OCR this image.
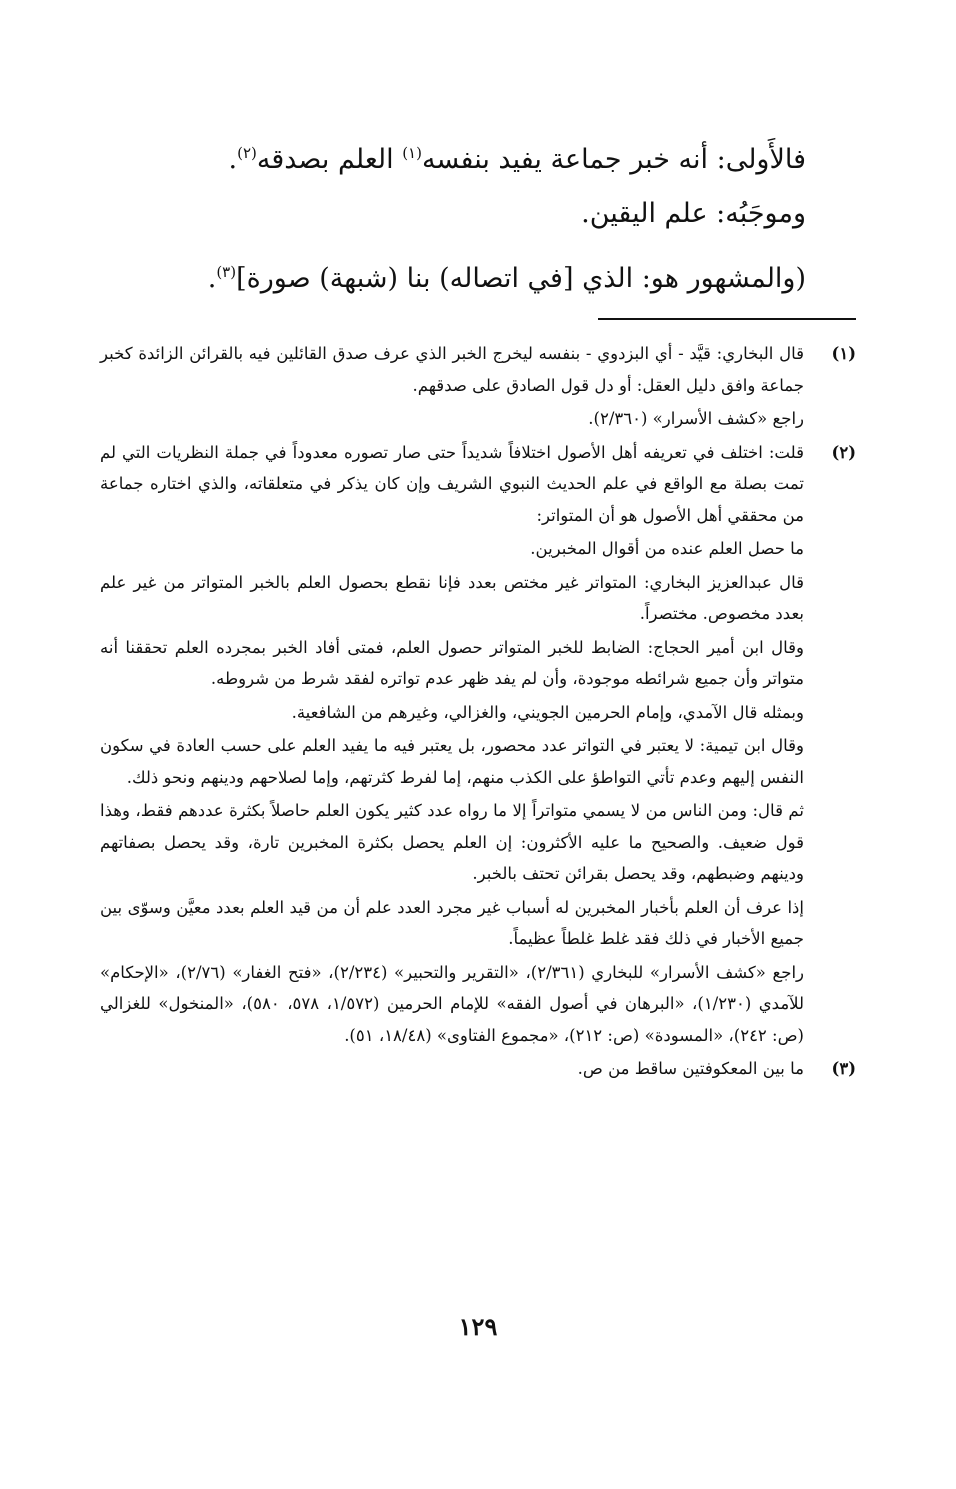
فالأَولى: أنه خبر جماعة يفيد بنفسه$^{(١)}$ العلم بصدقه$^{(٢)}$.

وموجَبُه: علم اليقين.

(والمشهور هو: الذي [في اتصاله) بنا (شبهة) صورة]$^{(٣)}$.

(١)

قال البخاري: قيَّد - أي البزدوي - بنفسه ليخرج الخبر الذي عرف صدق القائلين فيه بالقرائن الزائدة كخبر جماعة وافق دليل العقل: أو دل قول الصادق على صدقهم.

راجع «كشف الأسرار» (٢/٣٦٠).

(٢)

قلت: اختلف في تعريفه أهل الأصول اختلافاً شديداً حتى صار تصوره معدوداً في جملة النظريات التي لم تمت بصلة مع الواقع في علم الحديث النبوي الشريف وإن كان يذكر في متعلقاته، والذي اختاره جماعة من محققي أهل الأصول هو أن المتواتر:

ما حصل العلم عنده من أقوال المخبرين.

قال عبدالعزيز البخاري: المتواتر غير مختص بعدد فإنا نقطع بحصول العلم بالخبر المتواتر من غير علم بعدد مخصوص. مختصراً.

وقال ابن أمير الحجاج: الضابط للخبر المتواتر حصول العلم، فمتى أفاد الخبر بمجرده العلم تحققنا أنه متواتر وأن جميع شرائطه موجودة، وأن لم يفد ظهر عدم تواتره لفقد شرط من شروطه.

وبمثله قال الآمدي، وإمام الحرمين الجويني، والغزالي، وغيرهم من الشافعية.

وقال ابن تيمية: لا يعتبر في التواتر عدد محصور، بل يعتبر فيه ما يفيد العلم على حسب العادة في سكون النفس إليهم وعدم تأتي التواطؤ على الكذب منهم، إما لفرط كثرتهم، وإما لصلاحهم ودينهم ونحو ذلك.

ثم قال: ومن الناس من لا يسمي متواتراً إلا ما رواه عدد كثير يكون العلم حاصلاً بكثرة عددهم فقط، وهذا قول ضعيف. والصحيح ما عليه الأكثرون: إن العلم يحصل بكثرة المخبرين تارة، وقد يحصل بصفاتهم ودينهم وضبطهم، وقد يحصل بقرائن تحتف بالخبر.

إذا عرف أن العلم بأخبار المخبرين له أسباب غير مجرد العدد علم أن من قيد العلم بعدد معيَّن وسوّى بين جميع الأخبار في ذلك فقد غلط غلطاً عظيماً.

راجع «كشف الأسرار» للبخاري (٢/٣٦١)، «التقرير والتحبير» (٢/٢٣٤)، «فتح الغفار» (٢/٧٦)، «الإحكام» للآمدي (١/٢٣٠)، «البرهان في أصول الفقه» للإمام الحرمين (١/٥٧٢، ٥٧٨، ٥٨٠)، «المنخول» للغزالي (ص: ٢٤٢)، «المسودة» (ص: ٢١٢)، «مجموع الفتاوى» (١٨/٤٨، ٥١).

(٣)

ما بين المعكوفتين ساقط من ص.

١٢٩
